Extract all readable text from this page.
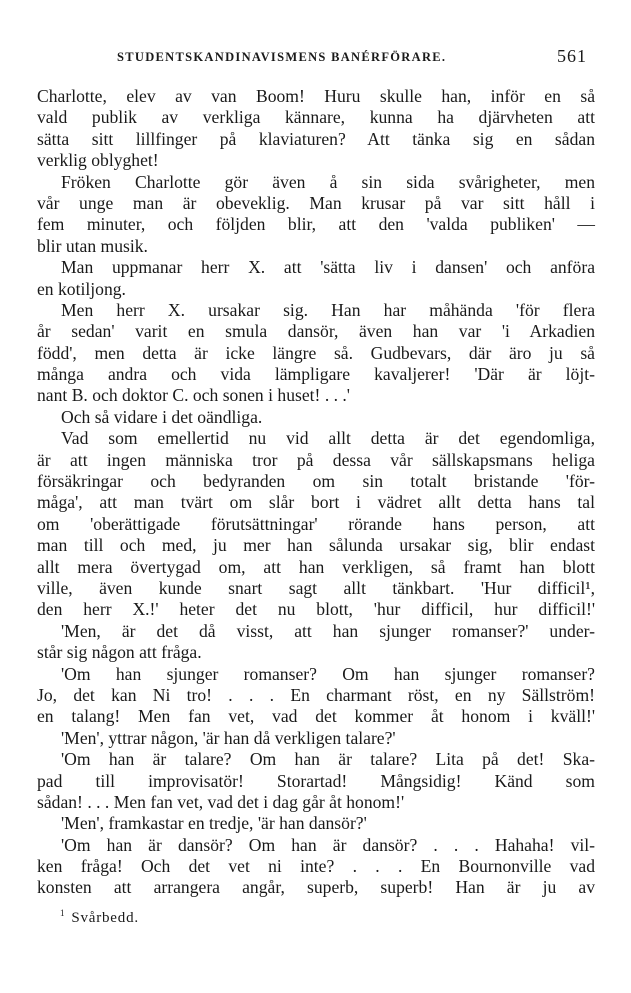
STUDENTSKANDINAVISMENS BANÉRFÖRARE.	561
Charlotte, elev av van Boom! Huru skulle han, inför en så
vald publik av verkliga kännare, kunna ha djärvheten att
sätta sitt lillfinger på klaviaturen? Att tänka sig en sådan
verklig oblyghet!
Fröken Charlotte gör även å sin sida svårigheter, men
vår unge man är obeveklig. Man krusar på var sitt håll i
fem minuter, och följden blir, att den 'valda publiken' —
blir utan musik.
Man uppmanar herr X. att 'sätta liv i dansen' och anföra
en kotiljong.
Men herr X. ursakar sig. Han har måhända 'för flera
år sedan' varit en smula dansör, även han var 'i Arkadien
född', men detta är icke längre så. Gudbevars, där äro ju så
många andra och vida lämpligare kavaljerer! 'Där är löjt-
nant B. och doktor C. och sonen i huset! . . .'
Och så vidare i det oändliga.
Vad som emellertid nu vid allt detta är det egendomliga,
är att ingen människa tror på dessa vår sällskapsmans heliga
försäkringar och bedyranden om sin totalt bristande 'för-
måga', att man tvärt om slår bort i vädret allt detta hans tal
om 'oberättigade förutsättningar' rörande hans person, att
man till och med, ju mer han sålunda ursakar sig, blir endast
allt mera övertygad om, att han verkligen, så framt han blott
ville, även kunde snart sagt allt tänkbart. 'Hur difficil¹,
den herr X.!' heter det nu blott, 'hur difficil, hur difficil!'
'Men, är det då visst, att han sjunger romanser?' under-
står sig någon att fråga.
'Om han sjunger romanser? Om han sjunger romanser?
Jo, det kan Ni tro! . . . En charmant röst, en ny Sällström!
en talang! Men fan vet, vad det kommer åt honom i kväll!'
'Men', yttrar någon, 'är han då verkligen talare?'
'Om han är talare? Om han är talare? Lita på det! Ska-
pad till improvisatör! Storartad! Mångsidig! Känd som
sådan! . . . Men fan vet, vad det i dag går åt honom!'
'Men', framkastar en tredje, 'är han dansör?'
'Om han är dansör? Om han är dansör? . . . Hahaha! vil-
ken fråga! Och det vet ni inte? . . . En Bournonville vad
konsten att arrangera angår, superb, superb! Han är ju av
$^1$ Svårbedd.
